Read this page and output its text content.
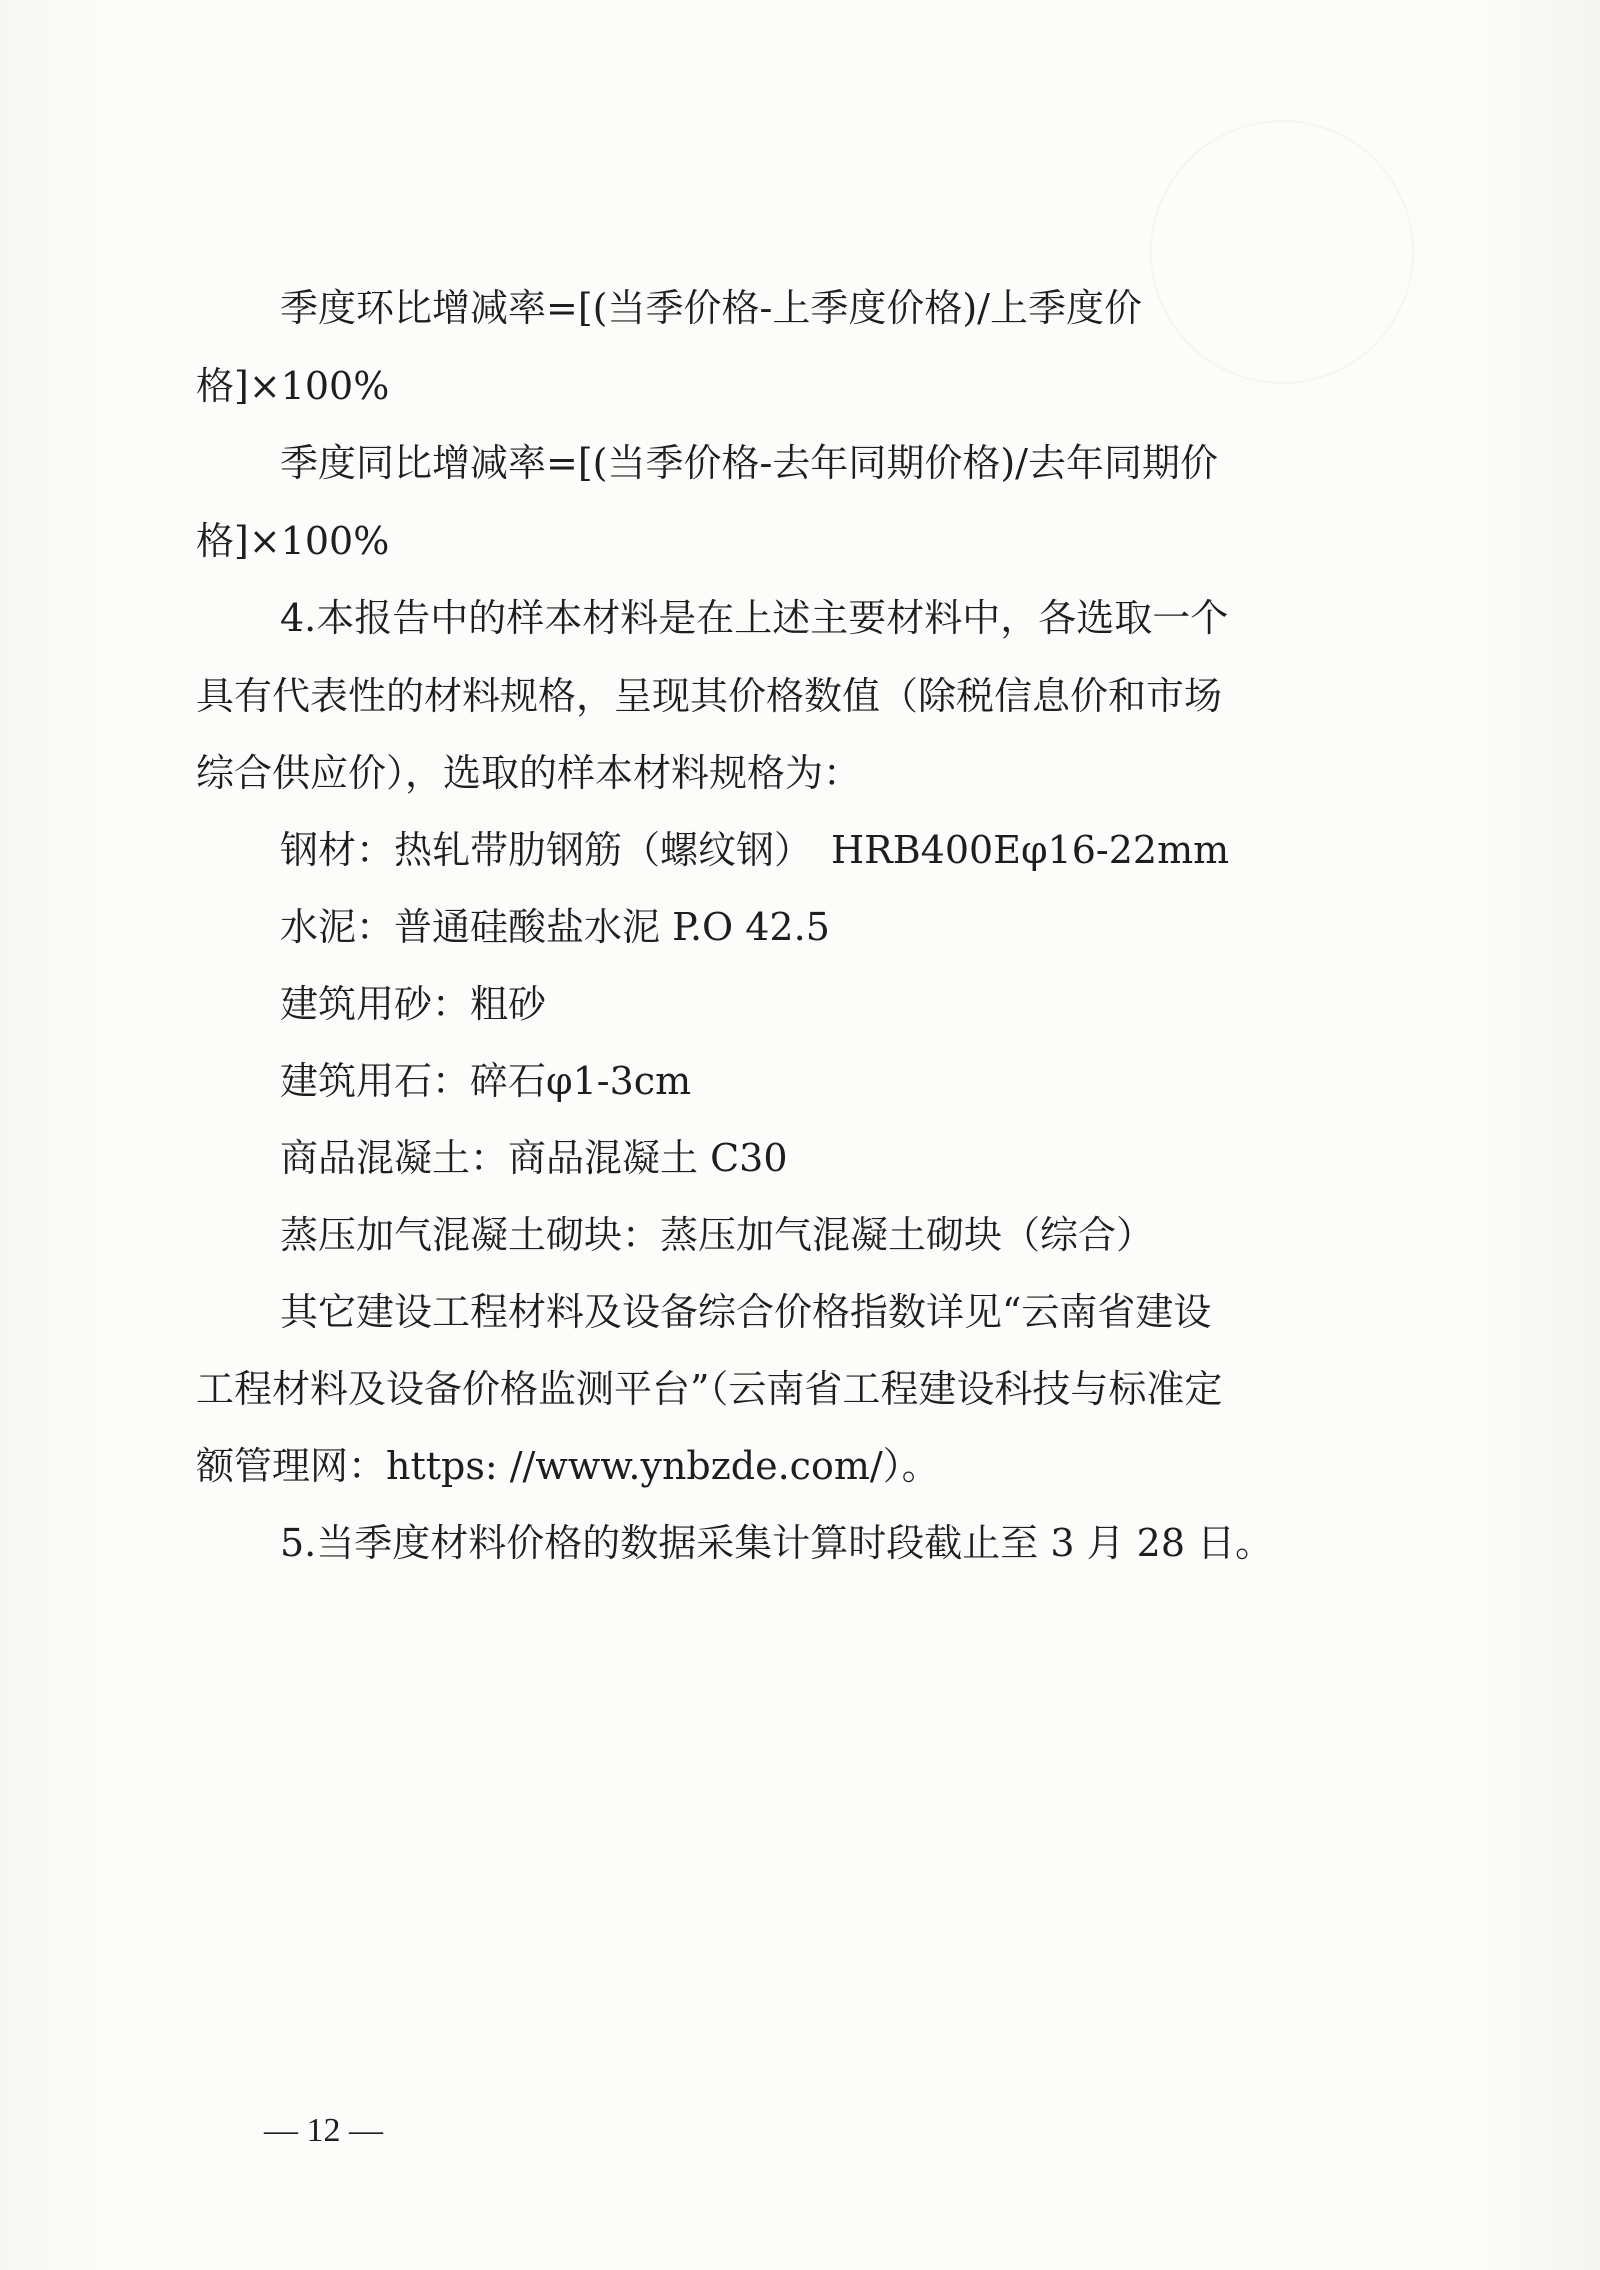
季度环比增减率=[(当季价格-上季度价格)/上季度价
格]×100%
季度同比增减率=[(当季价格-去年同期价格)/去年同期价
格]×100%
4.本报告中的样本材料是在上述主要材料中，各选取一个
具有代表性的材料规格，呈现其价格数值（除税信息价和市场
综合供应价），选取的样本材料规格为：
钢材：热轧带肋钢筋（螺纹钢）　HRB400Eφ16-22mm
水泥：普通硅酸盐水泥 P.O 42.5
建筑用砂：粗砂
建筑用石：碎石φ1-3cm
商品混凝土：商品混凝土 C30
蒸压加气混凝土砌块：蒸压加气混凝土砌块（综合）
其它建设工程材料及设备综合价格指数详见“云南省建设
工程材料及设备价格监测平台”（云南省工程建设科技与标准定
额管理网：https: //www.ynbzde.com/）。
5.当季度材料价格的数据采集计算时段截止至 3 月 28 日。
— 12 —
